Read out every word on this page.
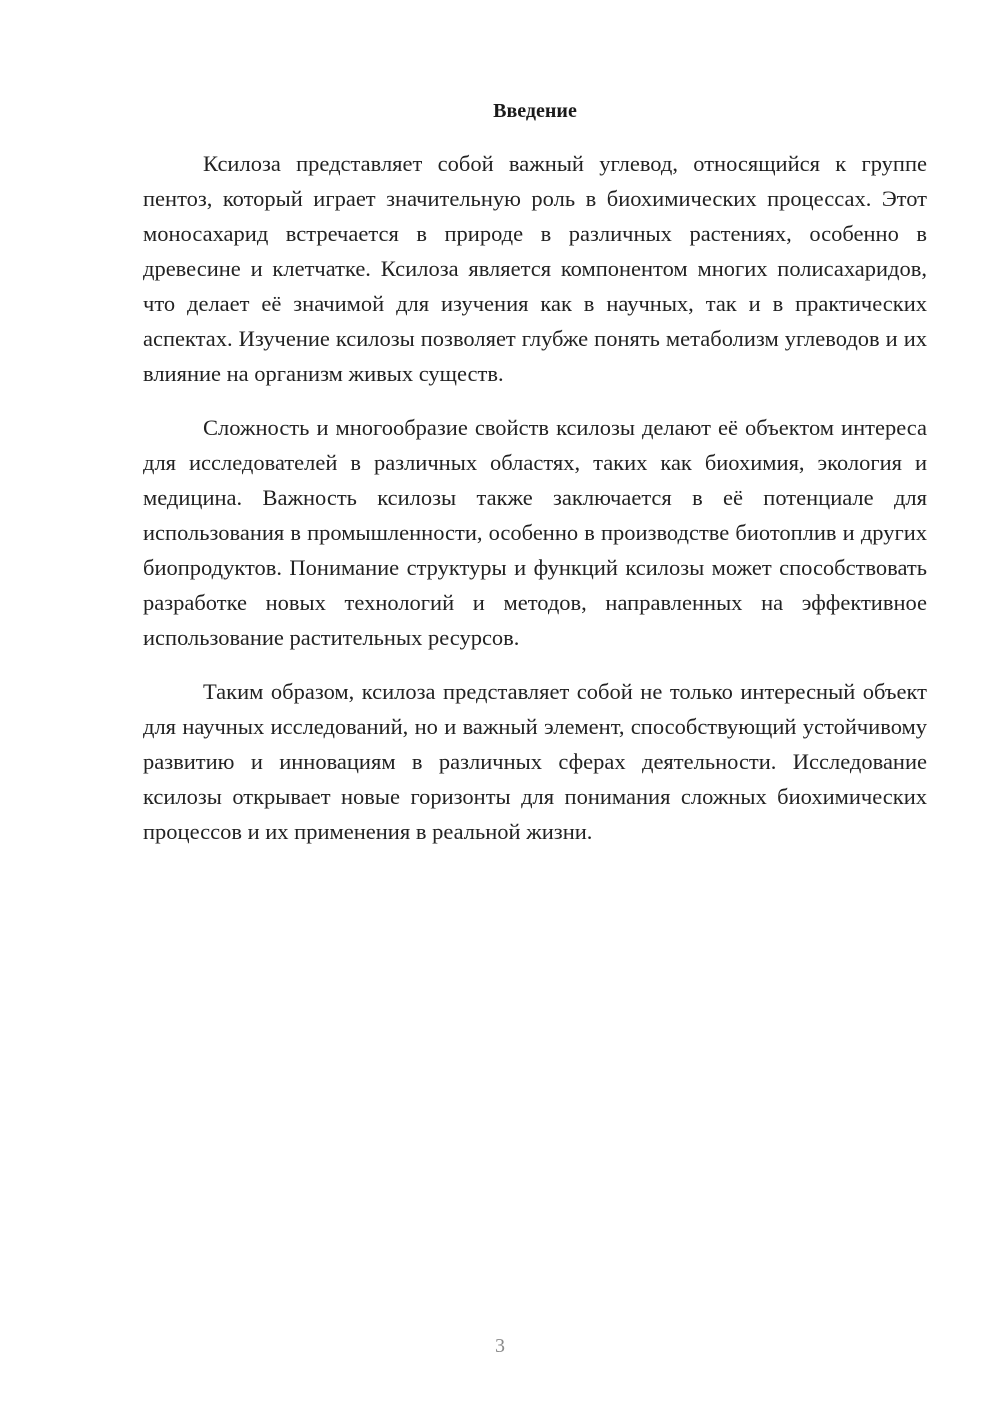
Введение

Ксилоза представляет собой важный углевод, относящийся к группе пентоз, который играет значительную роль в биохимических процессах. Этот моносахарид встречается в природе в различных растениях, особенно в древесине и клетчатке. Ксилоза является компонентом многих полисахаридов, что делает её значимой для изучения как в научных, так и в практических аспектах. Изучение ксилозы позволяет глубже понять метаболизм углеводов и их влияние на организм живых существ.

Сложность и многообразие свойств ксилозы делают её объектом интереса для исследователей в различных областях, таких как биохимия, экология и медицина. Важность ксилозы также заключается в её потенциале для использования в промышленности, особенно в производстве биотоплив и других биопродуктов. Понимание структуры и функций ксилозы может способствовать разработке новых технологий и методов, направленных на эффективное использование растительных ресурсов.

Таким образом, ксилоза представляет собой не только интересный объект для научных исследований, но и важный элемент, способствующий устойчивому развитию и инновациям в различных сферах деятельности. Исследование ксилозы открывает новые горизонты для понимания сложных биохимических процессов и их применения в реальной жизни.

3
